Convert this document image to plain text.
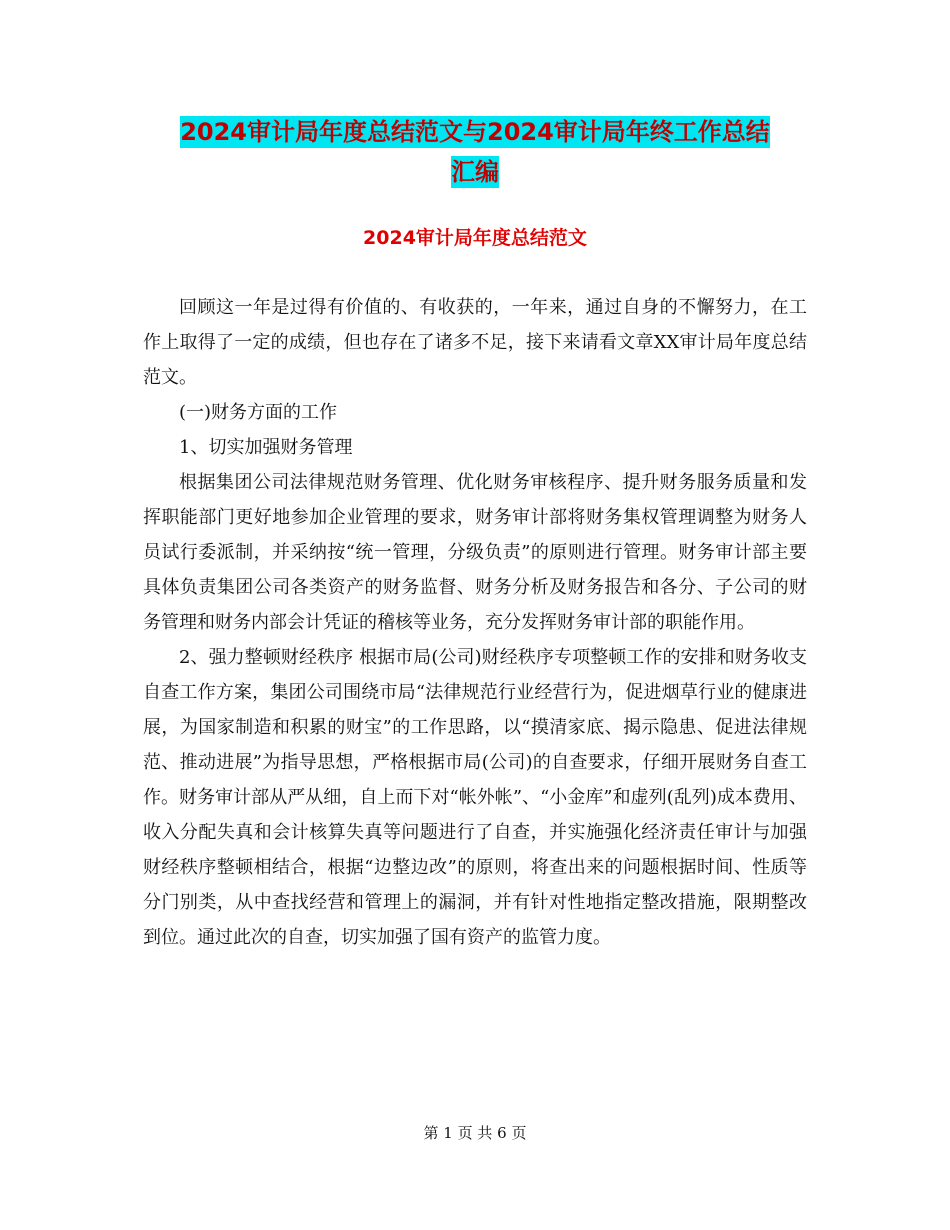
2024审计局年度总结范文与2024审计局年终工作总结
汇编
2024审计局年度总结范文

回顾这一年是过得有价值的、有收获的，一年来，通过自身的不懈努力，在工作上取得了一定的成绩，但也存在了诸多不足，接下来请看文章XX审计局年度总结范文。

(一)财务方面的工作

1、切实加强财务管理

根据集团公司法律规范财务管理、优化财务审核程序、提升财务服务质量和发挥职能部门更好地参加企业管理的要求，财务审计部将财务集权管理调整为财务人员试行委派制，并采纳按“统一管理，分级负责”的原则进行管理。财务审计部主要具体负责集团公司各类资产的财务监督、财务分析及财务报告和各分、子公司的财务管理和财务内部会计凭证的稽核等业务，充分发挥财务审计部的职能作用。

2、强力整顿财经秩序 根据市局(公司)财经秩序专项整顿工作的安排和财务收支自查工作方案，集团公司围绕市局“法律规范行业经营行为，促进烟草行业的健康进展，为国家制造和积累的财宝”的工作思路，以“摸清家底、揭示隐患、促进法律规范、推动进展”为指导思想，严格根据市局(公司)的自查要求，仔细开展财务自查工作。财务审计部从严从细，自上而下对“帐外帐”、“小金库”和虚列(乱列)成本费用、收入分配失真和会计核算失真等问题进行了自查，并实施强化经济责任审计与加强财经秩序整顿相结合，根据“边整边改”的原则，将查出来的问题根据时间、性质等分门别类，从中查找经营和管理上的漏洞，并有针对性地指定整改措施，限期整改到位。通过此次的自查，切实加强了国有资产的监管力度。

第 1 页 共 6 页
